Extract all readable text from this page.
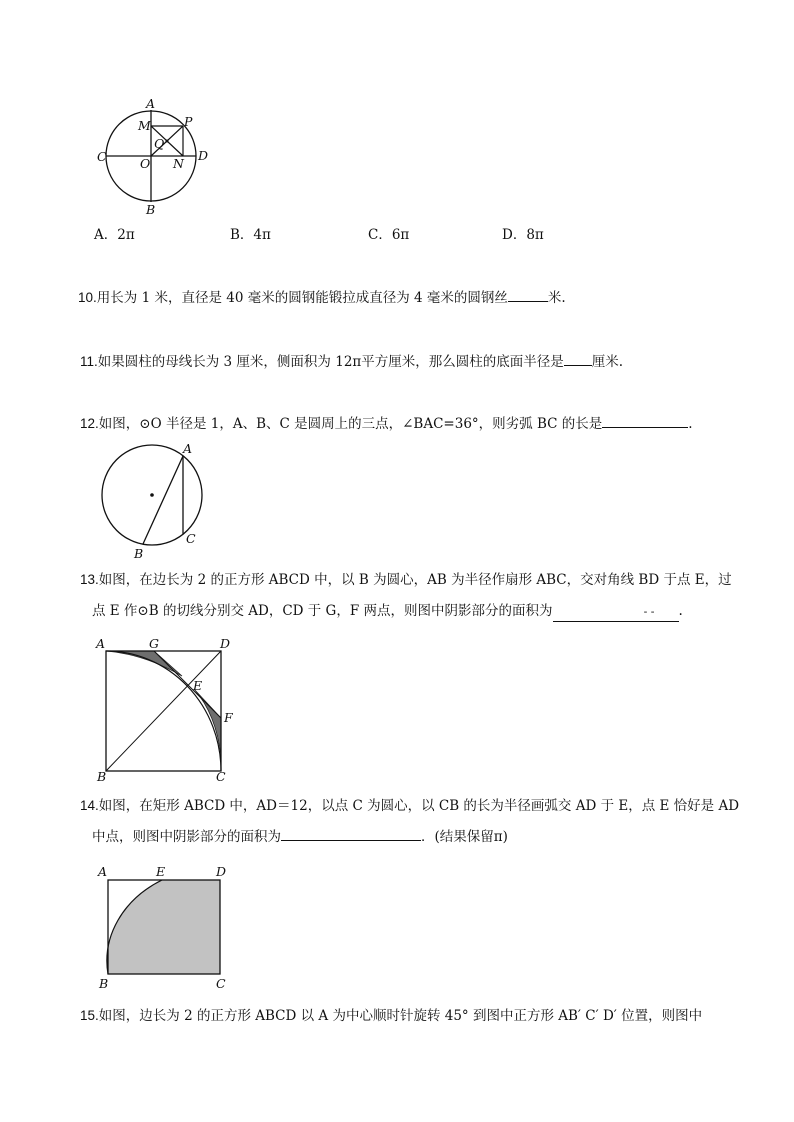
A
M	P
Q
C	O N
D
B
A．2π	B．4π	C．6π	D．8π
10.用长为 1 米，直径是 40 毫米的圆钢能锻拉成直径为 4 毫米的圆钢丝	米.
11.如果圆柱的母线长为 3 厘米，侧面积为 12π平方厘米，那么圆柱的底面半径是 厘米.
12.如图，⊙O 半径是 1，A、B、C 是圆周上的三点，∠BAC=36°，则劣弧 BC 的长是	.
A
B
C
13.如图，在边长为 2 的正方形 ABCD 中，以 B 为圆心，AB 为半径作扇形 ABC，交对角线 BD 于点 E，过
点 E 作⊙B 的切线分别交 AD，CD 于 G，F 两点，则图中阴影部分的面积为	- - .
A	G	D
E
F
B	C
14.如图，在矩形 ABCD 中，AD＝12，以点 C 为圆心，以 CB 的长为半径画弧交 AD 于 E，点 E 恰好是 AD
中点，则图中阴影部分的面积为	．(结果保留π)
A	E	D
B	C
15.如图，边长为 2 的正方形 ABCD 以 A 为中心顺时针旋转 45° 到图中正方形 AB′ C′ D′ 位置，则图中
